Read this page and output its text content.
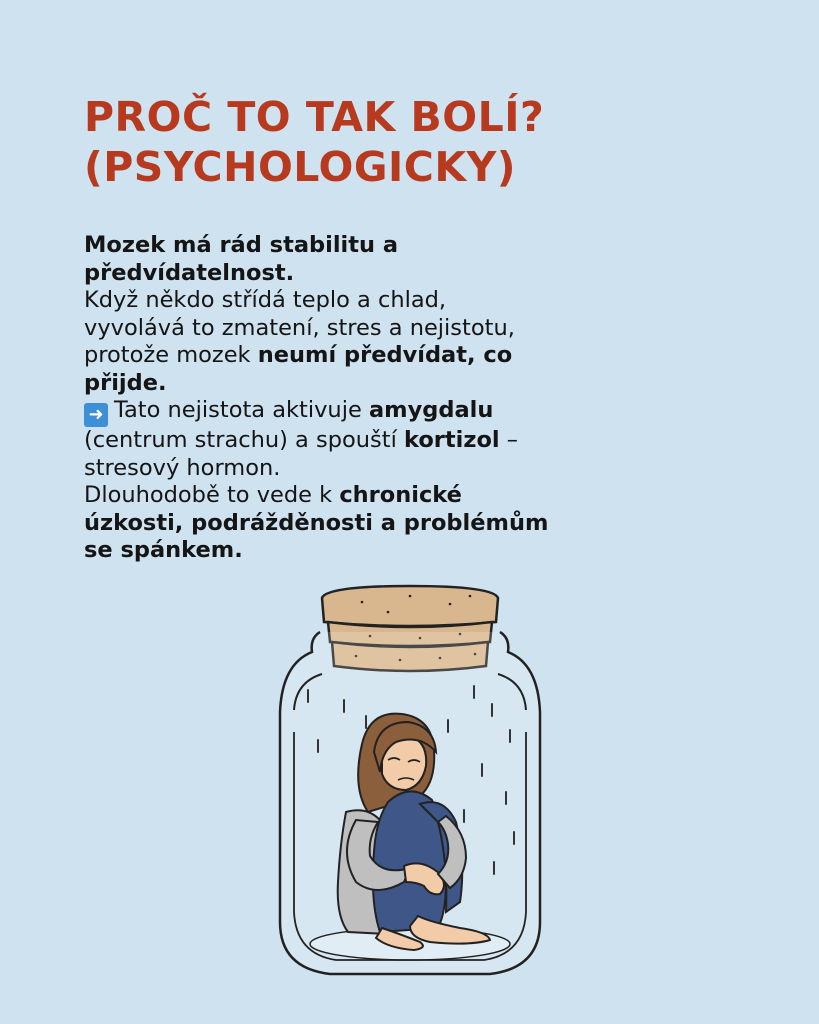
PROČ TO TAK BOLÍ?
(PSYCHOLOGICKY)
Mozek má rád stabilitu a
předvídatelnost.
Když někdo střídá teplo a chlad,
vyvolává to zmatení, stres a nejistotu,
protože mozek neumí předvídat, co
přijde.
➜ Tato nejistota aktivuje amygdalu
(centrum strachu) a spouští kortizol –
stresový hormon.
Dlouhodobě to vede k chronické
úzkosti, podrážděnosti a problémům
se spánkem.
